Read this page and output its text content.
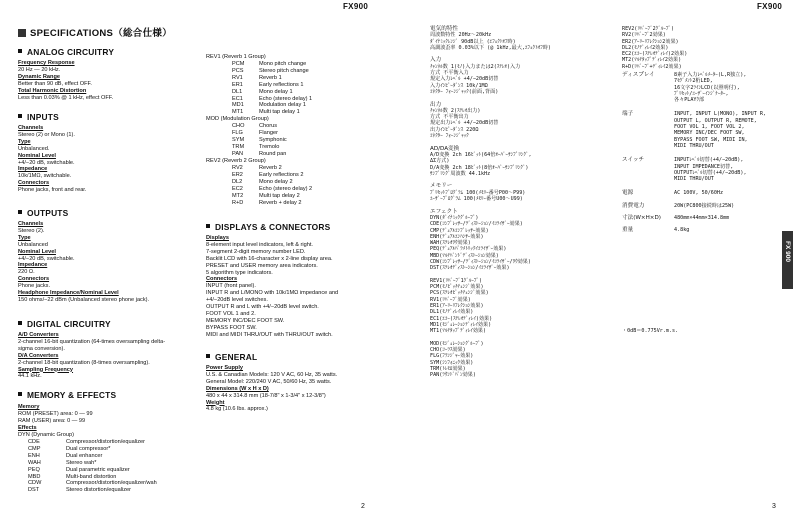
FX900	FX900
SPECIFICATIONS（総合仕様）
ANALOG CIRCUITRY
Frequency Response
20 Hz — 20 kHz.
Dynamic Range
Better than 90 dB, effect OFF.
Total Harmonic Distortion
Less than 0.03% @ 1 kHz, effect OFF.
INPUTS
Channels
Stereo (2) or Mono (1).
Type
Unbalanced.
Nominal Level
+4/−20 dB, switchable.
Impedance
10k/1MΩ, switchable.
Connectors
Phone jacks, front and rear.
OUTPUTS
Channels
Stereo (2).
Type
Unbalanced
Nominal Level
+4/−20 dB, switchable.
Impedance
220 Ω.
Connectors
Phone jacks.
Headphone Impedance/Nominal Level
150 ohms/−22 dBm (Unbalanced stereo phone jack).
DIGITAL CIRCUITRY
A/D Converters
2-channel 16-bit quantization (64-times oversampling delta-
sigma conversion).
D/A Converters
2-channel 18-bit quantization (8-times oversampling).
Sampling Frequency
44.1 kHz.
MEMORY & EFFECTS
Memory
ROM (PRESET) area: 0 — 99
RAM (USER) area: 0 — 99
Effects
DYN (Dynamic Group)
CDE	Compressor/distortion/equalizer
CMP	Dual compressor*
ENH	Dual enhancer
WAH	Stereo wah*
PEQ	Dual parametric equalizer
MBD	Multi-band distortion
CDW	Compressor/distortion/equalizer/wah
DST	Stereo distortion/equalizer
REV1 (Reverb 1 Group)
PCM	Mono pitch change
PCS	Stereo pitch change
RV1	Reverb 1
ER1	Early reflections 1
DL1	Mono delay 1
EC1	Echo (stereo delay) 1
MD1	Modulation delay 1
MT1	Multi tap delay 1
MOD (Modulation Group)
CHO	Chorus
FLG	Flanger
SYM	Symphonic
TRM	Tremolo
PAN	Round pan
REV2 (Reverb 2 Group)
RV2	Reverb 2
ER2	Early reflections 2
DL2	Mono delay 2
EC2	Echo (stereo delay) 2
MT2	Multi tap delay 2
R+D	Reverb + delay 2
DISPLAYS & CONNECTORS
Displays
8-element input level indicators, left & right.
7-segment 2-digit memory number LED.
Backlit LCD with 16-character x 2-line display area.
PRESET and USER memory area indicators.
5 algorithm type indicators.
Connectors
INPUT (front panel).
INPUT R and L/MONO with 10k/1MΩ impedance and
+4/−20dB level switches.
OUTPUT R and L with +4/−20dB level switch.
FOOT VOL 1 and 2.
MEMORY INC/DEC FOOT SW.
BYPASS FOOT SW.
MIDI and MIDI THRU/OUT with THRU/OUT switch.
GENERAL
Power Supply
U.S. & Canadian Models: 120 V AC, 60 Hz, 35 watts.
General Model: 220/240 V AC, 50/60 Hz, 35 watts.
Dimensions (W x H x D)
480 x 44 x 314.8 mm (18-7/8" x 1-3/4" x 12-3/8")
Weight
4.8 kg (10.6 lbs. approx.)
2
電気的特性
周波数特性 20Hz〜20kHz
ﾀﾞｲﾅﾐｯｸﾚﾝｼﾞ 90dB以上 (ｴﾌｪｸﾄｵﾌ時)
高調波歪率 0.03%以下 (@ 1kHz,最大,ｴﾌｪｸﾄｵﾌ時)

入力
ﾁｬﾝﾈﾙ数 1(ﾓﾉ)入力または2(ｽﾃﾚｵ)入力
方式 不平衡入力
規定入力ﾚﾍﾞﾙ +4/−20dB切替
入力ｲﾝﾋﾟｰﾀﾞﾝｽ 10k/1MΩ
ｺﾈｸﾀｰ ﾌｫｰﾝｼﾞｬｯｸ(前面,背面)

出力
ﾁｬﾝﾈﾙ数 2(ｽﾃﾚｵ出力)
方式 不平衡出力
規定出力ﾚﾍﾞﾙ +4/−20dB切替
出力ｲﾝﾋﾟｰﾀﾞﾝｽ 220Ω
ｺﾈｸﾀｰ ﾌｫｰﾝｼﾞｬｯｸ

AD/DA変換
A/D変換 2ch 16ﾋﾞｯﾄ(64倍ｵｰﾊﾞｰｻﾝﾌﾟﾘﾝｸﾞ,
ΔΣ方式)
D/A変換 2ch 18ﾋﾞｯﾄ(8倍ｵｰﾊﾞｰｻﾝﾌﾟﾘﾝｸﾞ)
ｻﾝﾌﾟﾘﾝｸﾞ周波数 44.1kHz

メモリー
ﾌﾟﾘｾｯﾄﾌﾟﾛｸﾞﾗﾑ 100(ﾒﾓﾘｰ番号P00〜P99)
ﾕｰｻﾞｰﾌﾟﾛｸﾞﾗﾑ 100(ﾒﾓﾘｰ番号U00〜U99)

エフェクト
DYN(ﾀﾞｲﾅﾐｯｸｸﾞﾙｰﾌﾟ)
CDE(ｺﾝﾌﾟﾚｯｻｰ/ﾃﾞｨｽﾄｰｼｮﾝ/ｲｺﾗｲｻﾞｰ効果)
CMP(ﾃﾞｭｱﾙｺﾝﾌﾟﾚｯｻｰ効果)
ENH(ﾃﾞｭｱﾙｴﾝﾊﾝｻｰ効果)
WAH(ｽﾃﾚｵﾜｳ効果)
PEQ(ﾃﾞｭｱﾙﾊﾟﾗﾒﾄﾘｯｸｲｺﾗｲｻﾞｰ効果)
MBD(ﾏﾙﾁﾊﾞﾝﾄﾞﾃﾞｨｽﾄｰｼｮﾝ効果)
CDW(ｺﾝﾌﾟﾚｯｻｰ/ﾃﾞｨｽﾄｰｼｮﾝ/ｲｺﾗｲｻﾞｰ/ﾜｳ効果)
DST(ｽﾃﾚｵﾃﾞｨｽﾄｰｼｮﾝ/ｲｺﾗｲｻﾞｰ効果)

REV1(ﾘﾊﾞｰﾌﾞ1ｸﾞﾙｰﾌﾟ)
PCM(ﾓﾉﾋﾟｯﾁﾁｪﾝｼﾞ効果)
PCS(ｽﾃﾚｵﾋﾟｯﾁﾁｪﾝｼﾞ効果)
RV1(ﾘﾊﾞｰﾌﾞ効果)
ER1(ｱｰﾘｰﾘﾌﾚｸｼｮﾝ効果)
DL1(ﾓﾉﾃﾞｨﾚｲ効果)
EC1(ｴｺｰ(ｽﾃﾚｵﾃﾞｨﾚｲ)効果)
MD1(ﾓｼﾞｭﾚｰｼｮﾝﾃﾞｨﾚｲ効果)
MT1(ﾏﾙﾁﾀｯﾌﾟﾃﾞｨﾚｲ効果)

MOD(ﾓｼﾞｭﾚｰｼｮﾝｸﾞﾙｰﾌﾟ)
CHO(ｺｰﾗｽ効果)
FLG(ﾌﾗﾝｼﾞｬｰ効果)
SYM(ｼﾝﾌｫﾆｯｸ効果)
TRM(ﾄﾚﾓﾛ効果)
PAN(ﾗｳﾝﾄﾞﾊﾟﾝ効果)
REV2(ﾘﾊﾞｰﾌﾞ2ｸﾞﾙｰﾌﾟ)
RV2(ﾘﾊﾞｰﾌﾞ2効果)
ER2(ｱｰﾘｰﾘﾌﾚｸｼｮﾝ2効果)
DL2(ﾓﾉﾃﾞｨﾚｲ2効果)
EC2(ｴｺｰ(ｽﾃﾚｵﾃﾞｨﾚｲ)2効果)
MT2(ﾏﾙﾁﾀｯﾌﾟﾃﾞｨﾚｲ2効果)
R+D(ﾘﾊﾞｰﾌﾞ+ﾃﾞｨﾚｲ2効果)
ディスプレイ	8素子入力ﾚﾍﾞﾙﾒｰﾀｰ(L,R独立),
7ｾｸﾞﾒﾝﾄ2桁LED,
16文字2ﾗｲﾝLCD(以照明付),
ﾌﾟﾘｾｯﾄ/ﾕｰｻﾞｰｲﾝｼﾞｹｰﾀｰ,
各々PLAYｸ部
端子	INPUT, INPUT L(MONO), INPUT R,
OUTPUT L, OUTPUT R, REMOTE,
FOOT VOL 1, FOOT VOL 2,
MEMORY INC/DEC FOOT SW,
BYPASS FOOT SW, MIDI IN,
MIDI THRU/OUT
スイッチ	INPUTﾚﾍﾞﾙ切替(+4/−20dB),
INPUT IMPEDANCE切替,
OUTPUTﾚﾍﾞﾙ切替(+4/−20dB),
MIDI THRU/OUT
電源	AC 100V, 50/60Hz
消費電力	20W(PC800接続時は25W)
寸法(W×H×D)	480mm×44mm×314.8mm
重量	4.8kg
・0dB＝0.775Vr.m.s.
FX 900
3
